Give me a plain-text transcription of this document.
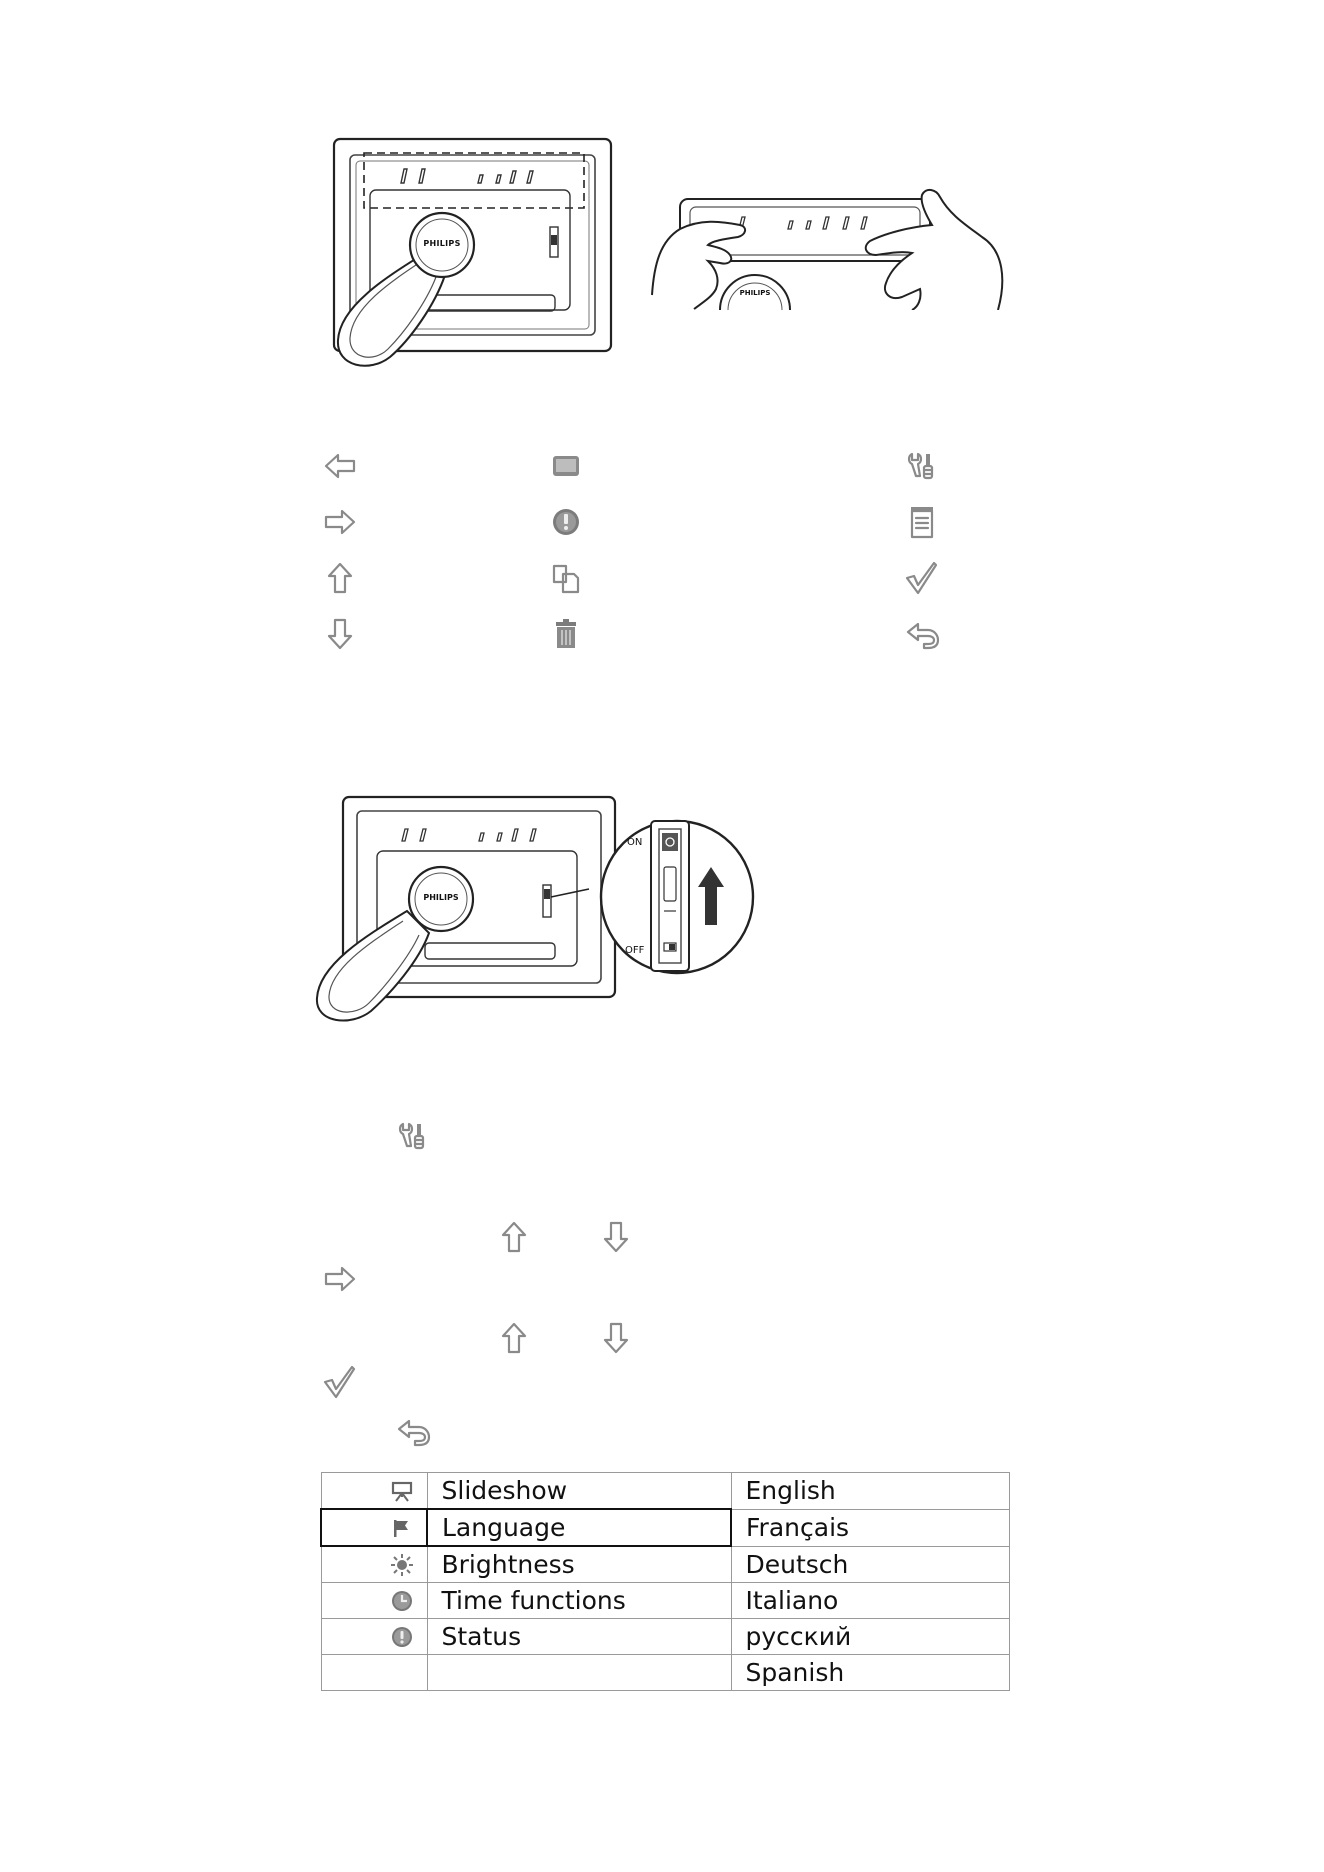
PHILIPS
PHILIPS
PHILIPS
ON
OFF
	Slideshow	English

	Language	Français

	Brightness	Deutsch

	Time functions	Italiano

	Status	русский
		Spanish
